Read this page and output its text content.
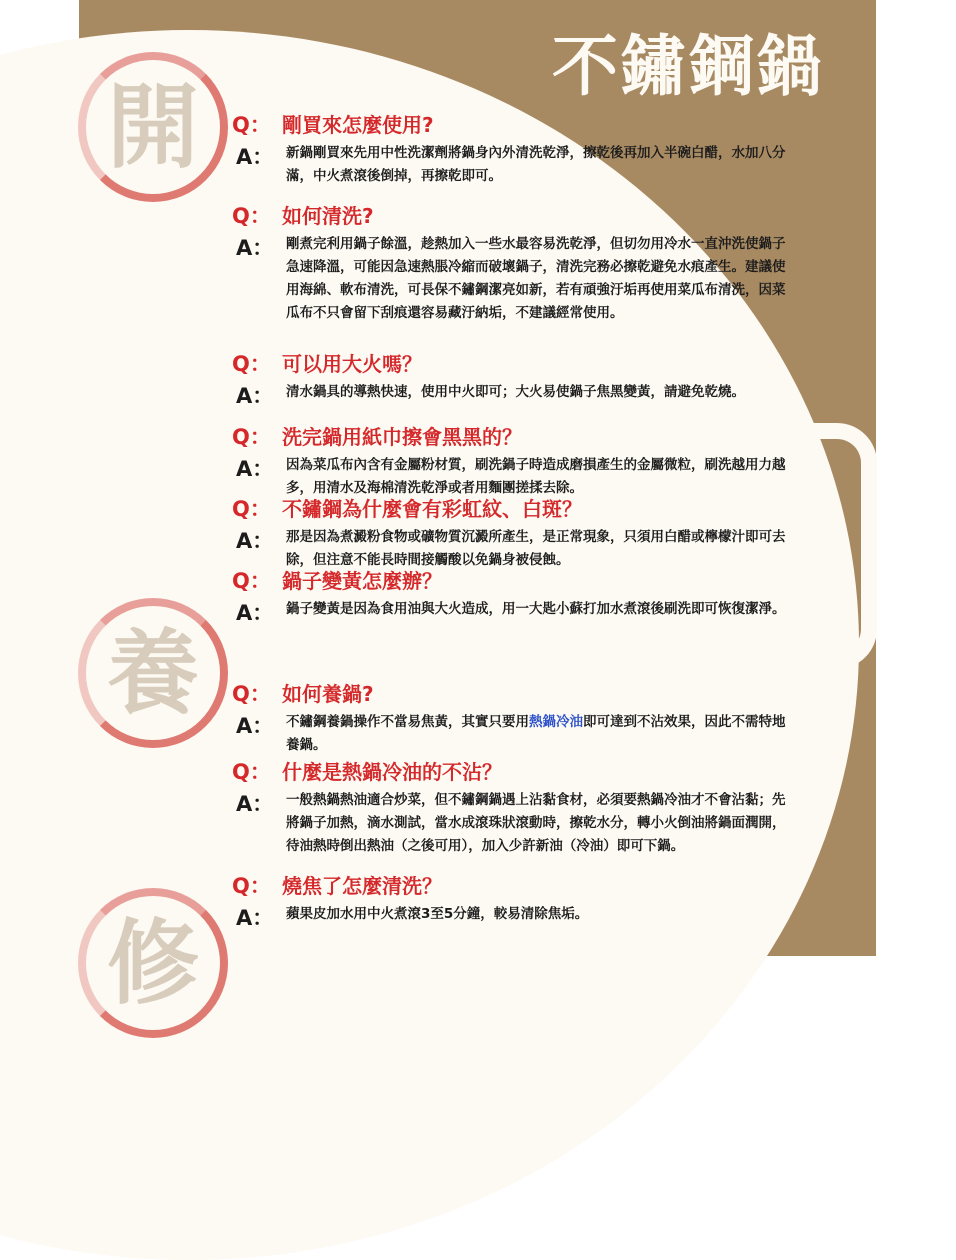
不鏽鋼鍋
開
養
修
Q： 剛買來怎麼使用?
A： 新鍋剛買來先用中性洗潔劑將鍋身內外清洗乾淨，擦乾後再加入半碗白醋，水加八分滿，中火煮滾後倒掉，再擦乾即可。
Q： 如何清洗?
A： 剛煮完利用鍋子餘溫，趁熱加入一些水最容易洗乾淨，但切勿用冷水一直沖洗使鍋子急速降溫，可能因急速熱脹冷縮而破壞鍋子，清洗完務必擦乾避免水痕產生。建議使用海綿、軟布清洗，可長保不鏽鋼潔亮如新，若有頑強汙垢再使用菜瓜布清洗，因菜瓜布不只會留下刮痕還容易藏汙納垢，不建議經常使用。
Q： 可以用大火嗎？
A： 清水鍋具的導熱快速，使用中火即可；大火易使鍋子焦黑變黃，請避免乾燒。
Q： 洗完鍋用紙巾擦會黑黑的？
A： 因為菜瓜布內含有金屬粉材質，刷洗鍋子時造成磨損產生的金屬微粒，刷洗越用力越多，用清水及海棉清洗乾淨或者用麵團搓揉去除。
Q： 不鏽鋼為什麼會有彩虹紋、白斑？
A： 那是因為煮澱粉食物或礦物質沉澱所產生，是正常現象，只須用白醋或檸檬汁即可去除，但注意不能長時間接觸酸以免鍋身被侵蝕。
Q： 鍋子變黃怎麼辦？
A： 鍋子變黃是因為食用油與大火造成，用一大匙小蘇打加水煮滾後刷洗即可恢復潔淨。
Q： 如何養鍋?
A： 不鏽鋼養鍋操作不當易焦黃，其實只要用熱鍋冷油即可達到不沾效果，因此不需特地養鍋。
Q： 什麼是熱鍋冷油的不沾？
A： 一般熱鍋熱油適合炒菜，但不鏽鋼鍋遇上沾黏食材，必須要熱鍋冷油才不會沾黏；先將鍋子加熱，滴水測試，當水成滾珠狀滾動時，擦乾水分，轉小火倒油將鍋面潤開，待油熱時倒出熱油（之後可用），加入少許新油（冷油）即可下鍋。
Q： 燒焦了怎麼清洗？
A： 蘋果皮加水用中火煮滾3至5分鐘，較易清除焦垢。
